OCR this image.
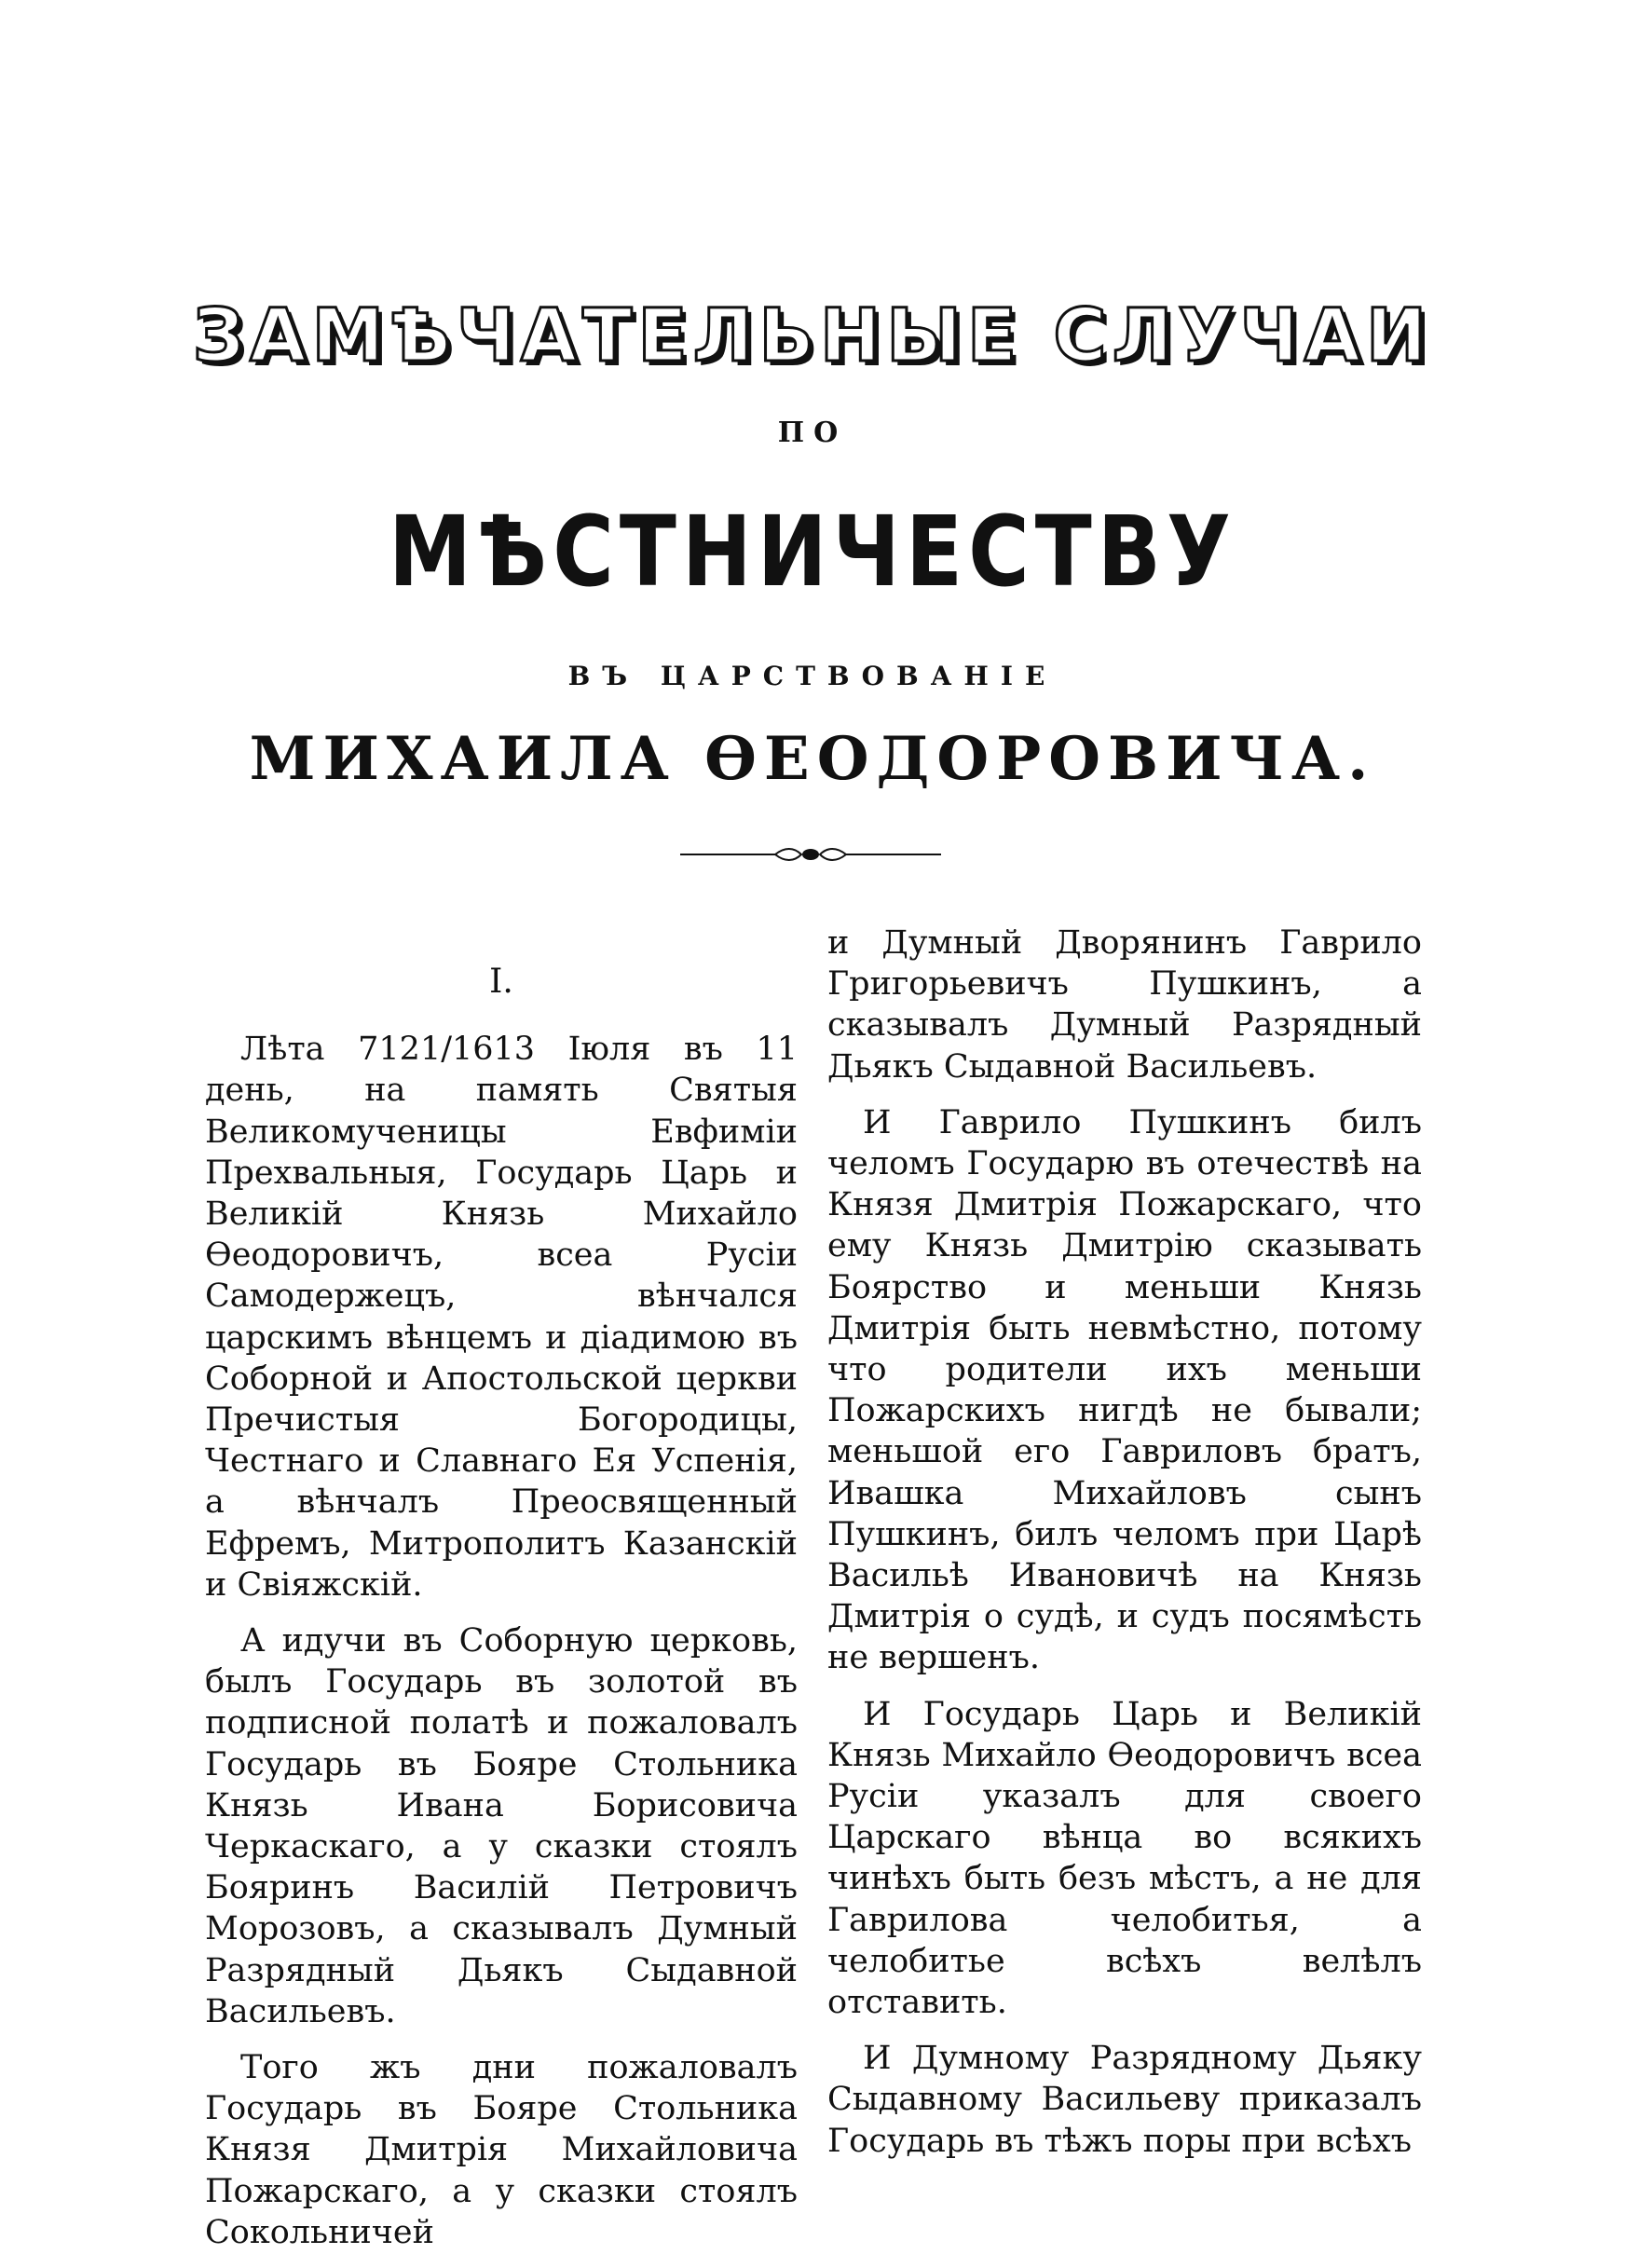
ЗАМѢЧАТЕЛЬНЫЕ СЛУЧАИ
ПО
МѢСТНИЧЕСТВУ
ВЪ ЦАРСТВОВАНІЕ
МИХАИЛА ѲЕОДОРОВИЧА.
I.

Лѣта 7121/1613 Іюля въ 11 день, на память Святыя Великомученицы Евфиміи Прехвальныя, Государь Царь и Великій Князь Михайло Ѳеодоровичъ, всеа Русіи Самодержецъ, вѣнчался царскимъ вѣнцемъ и діадимою въ Соборной и Апостольской церкви Пречистыя Богородицы, Честнаго и Славнаго Ея Успенія, а вѣнчалъ Преосвященный Ефремъ, Митрополитъ Казанскій и Свіяжскій.

А идучи въ Соборную церковь, былъ Государь въ золотой въ подписной полатѣ и пожаловалъ Государь въ Бояре Стольника Князь Ивана Борисовича Черкаскаго, а у сказки стоялъ Бояринъ Василій Петровичъ Морозовъ, а сказывалъ Думный Разрядный Дьякъ Сыдавной Васильевъ.

Того жъ дни пожаловалъ Государь въ Бояре Стольника Князя Дмитрія Михайловича Пожарскаго, а у сказки стоялъ Сокольничей

и Думный Дворянинъ Гаврило Григорьевичъ Пушкинъ, а сказывалъ Думный Разрядный Дьякъ Сыдавной Васильевъ.

И Гаврило Пушкинъ билъ челомъ Государю въ отечествѣ на Князя Дмитрія Пожарскаго, что ему Князь Дмитрію сказывать Боярство и меньши Князь Дмитрія быть невмѣстно, потому что родители ихъ меньши Пожарскихъ нигдѣ не бывали; меньшой его Гавриловъ братъ, Ивашка Михайловъ сынъ Пушкинъ, билъ челомъ при Царѣ Васильѣ Ивановичѣ на Князь Дмитрія о судѣ, и судъ посямѣсть не вершенъ.

И Государь Царь и Великій Князь Михайло Ѳеодоровичъ всеа Русіи указалъ для своего Царскаго вѣнца во всякихъ чинѣхъ быть безъ мѣстъ, а не для Гаврилова челобитья, а челобитье всѣхъ велѣлъ отставить.

И Думному Разрядному Дьяку Сыдавному Васильеву приказалъ Государь въ тѣжъ поры при всѣхъ
